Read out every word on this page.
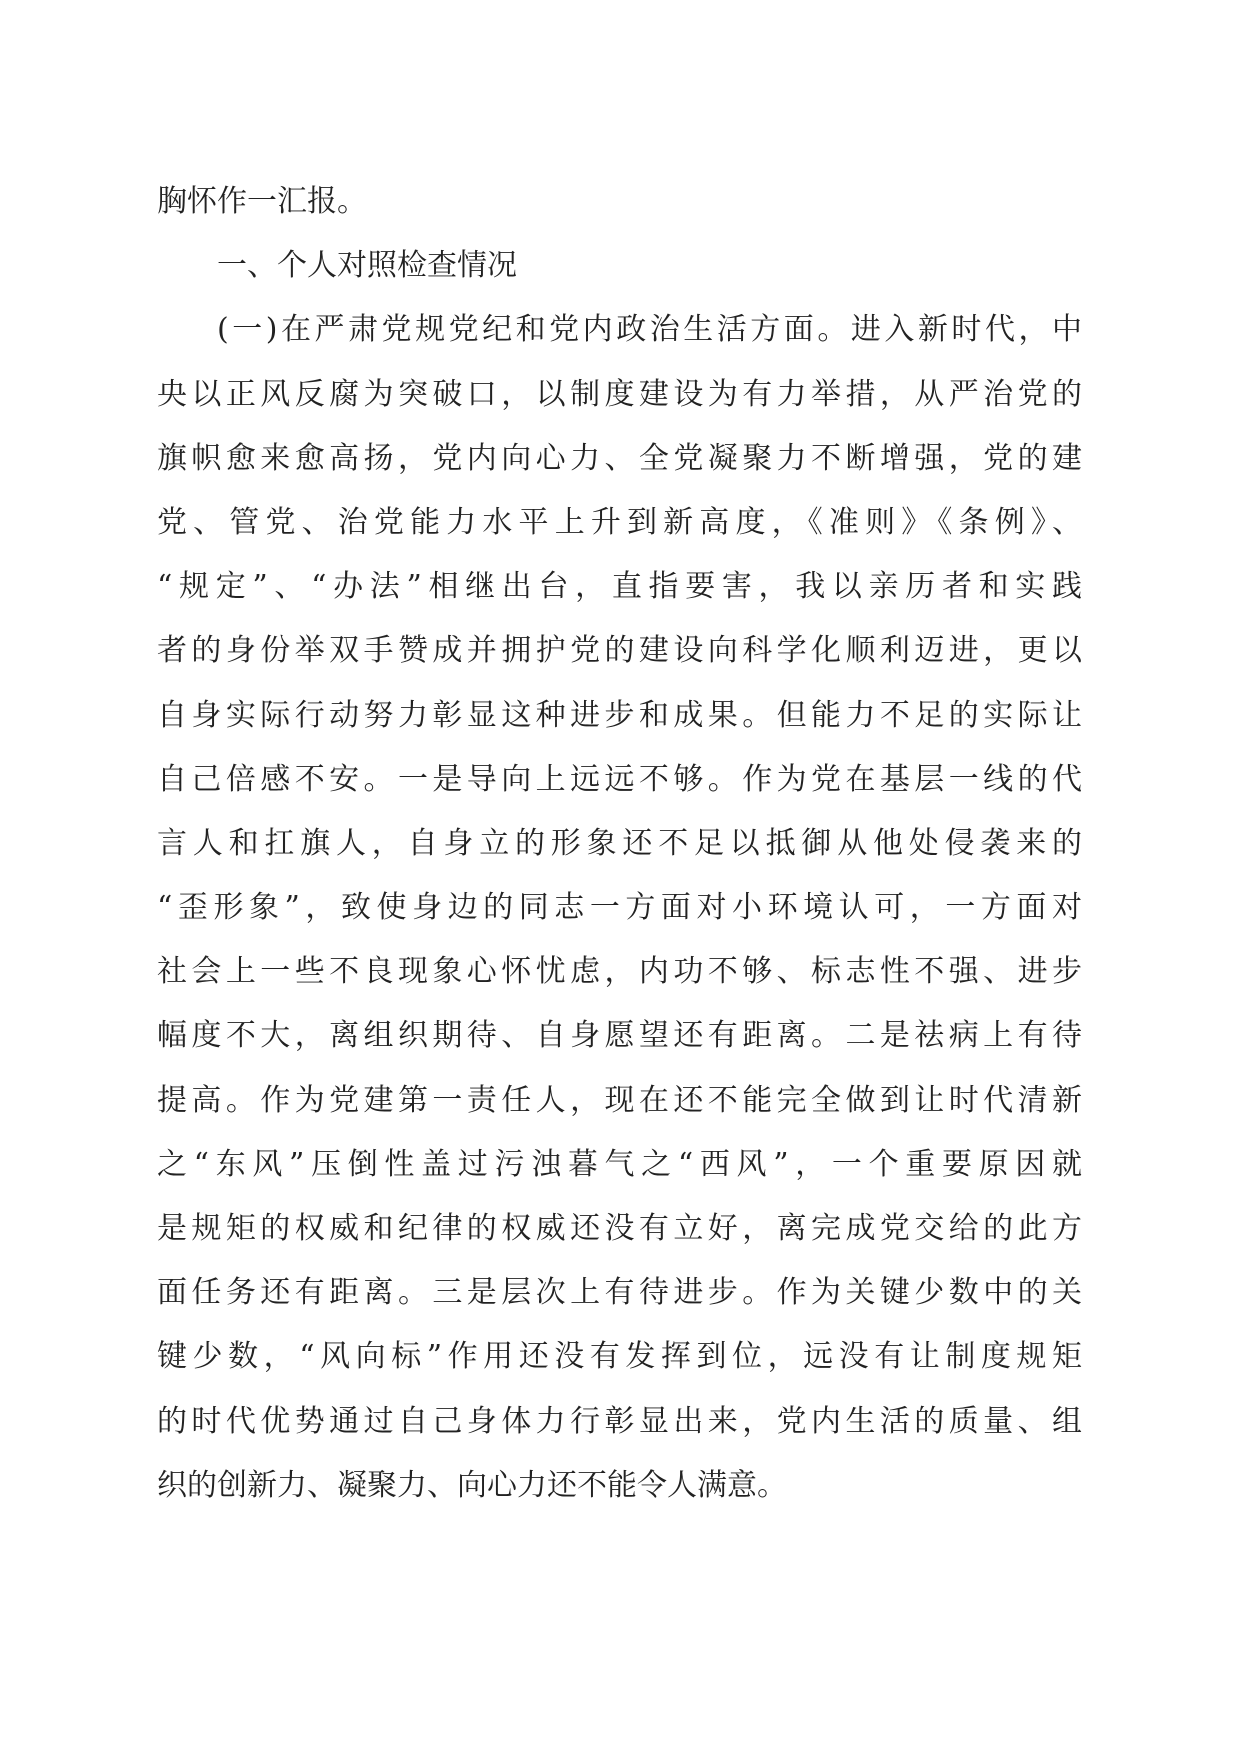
胸怀作一汇报。
一、个人对照检查情况
(一)在严肃党规党纪和党内政治生活方面。进入新时代，中
央以正风反腐为突破口，以制度建设为有力举措，从严治党的
旗帜愈来愈高扬，党内向心力、全党凝聚力不断增强，党的建
党、管党、治党能力水平上升到新高度，《准则》《条例》、
“规定”、“办法”相继出台，直指要害，我以亲历者和实践
者的身份举双手赞成并拥护党的建设向科学化顺利迈进，更以
自身实际行动努力彰显这种进步和成果。但能力不足的实际让
自己倍感不安。一是导向上远远不够。作为党在基层一线的代
言人和扛旗人，自身立的形象还不足以抵御从他处侵袭来的
“歪形象”，致使身边的同志一方面对小环境认可，一方面对
社会上一些不良现象心怀忧虑，内功不够、标志性不强、进步
幅度不大，离组织期待、自身愿望还有距离。二是祛病上有待
提高。作为党建第一责任人，现在还不能完全做到让时代清新
之“东风”压倒性盖过污浊暮气之“西风”，一个重要原因就
是规矩的权威和纪律的权威还没有立好，离完成党交给的此方
面任务还有距离。三是层次上有待进步。作为关键少数中的关
键少数，“风向标”作用还没有发挥到位，远没有让制度规矩
的时代优势通过自己身体力行彰显出来，党内生活的质量、组
织的创新力、凝聚力、向心力还不能令人满意。
